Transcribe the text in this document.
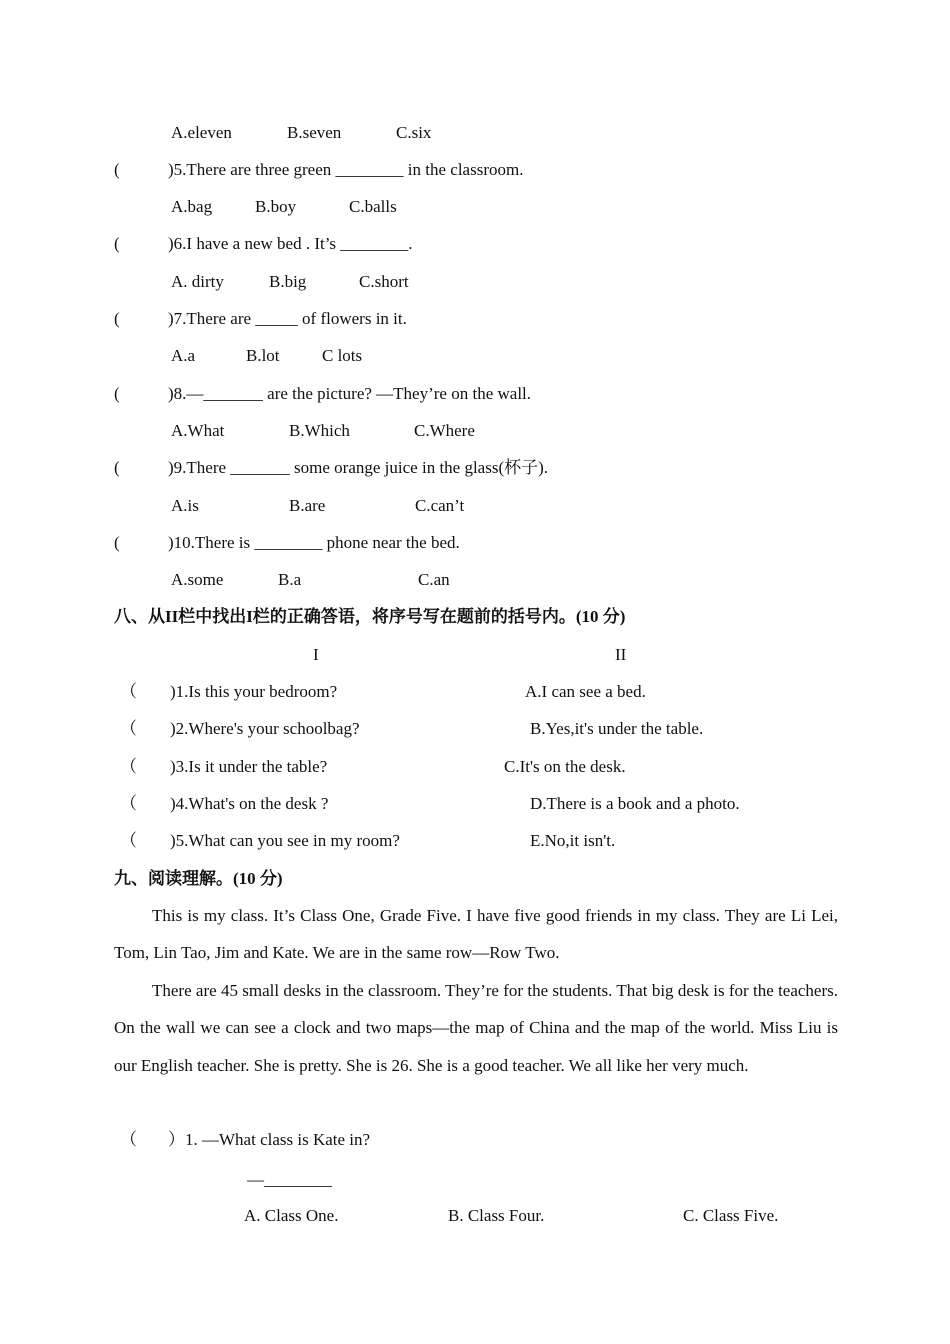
A.eleven	B.seven	C.six
(	)5.There are three green ________ in the classroom.
A.bag	B.boy	C.balls
(	)6.I have a new bed . It’s ________.
A. dirty	B.big	C.short
(	)7.There are _____ of flowers in it.
A.a	B.lot C lots
(	)8.—_______ are the picture? —They’re on the wall.
A.What	B.Which	C.Where
(	)9.There _______ some orange juice in the glass(杯子).
A.is	B.are	C.can’t
(	)10.There is ________ phone near the bed.
A.some	B.a	C.an
八、从II栏中找出I栏的正确答语，将序号写在题前的括号内。(10 分)
I	II
（ )1.Is this your bedroom?	A.I can see a bed.
（ )2.Where's your schoolbag?	B.Yes,it's under the table.
（ )3.Is it under the table?	C.It's on the desk.
（ )4.What's on the desk ?	D.There is a book and a photo.
（ )5.What can you see in my room?	E.No,it isn't.
九、阅读理解。(10 分)
This is my class. It’s Class One, Grade Five. I have five good friends in my class. They are Li Lei, Tom, Lin Tao, Jim and Kate. We are in the same row—Row Two.
There are 45 small desks in the classroom. They’re for the students. That big desk is for the teachers. On the wall we can see a clock and two maps—the map of China and the map of the world. Miss Liu is our English teacher. She is pretty. She is 26. She is a good teacher. We all like her very much.
（ ）1. —What class is Kate in?
—________
A. Class One.	B. Class Four.	C. Class Five.
